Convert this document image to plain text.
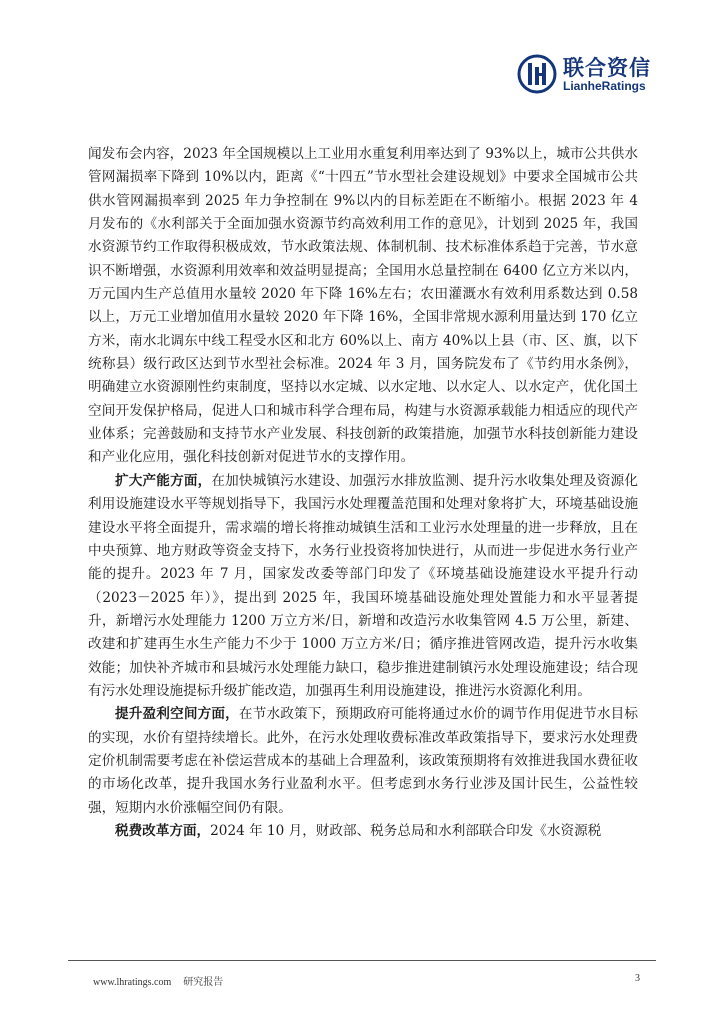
联合资信
LianheRatings

闻发布会内容，2023 年全国规模以上工业用水重复利用率达到了 93%以上，城市公共供水管网漏损率下降到 10%以内，距离《“十四五”节水型社会建设规划》中要求全国城市公共供水管网漏损率到 2025 年力争控制在 9%以内的目标差距在不断缩小。根据 2023 年 4 月发布的《水利部关于全面加强水资源节约高效利用工作的意见》，计划到 2025 年，我国水资源节约工作取得积极成效，节水政策法规、体制机制、技术标准体系趋于完善，节水意识不断增强，水资源利用效率和效益明显提高；全国用水总量控制在 6400 亿立方米以内，万元国内生产总值用水量较 2020 年下降 16%左右；农田灌溉水有效利用系数达到 0.58 以上，万元工业增加值用水量较 2020 年下降 16%，全国非常规水源利用量达到 170 亿立方米，南水北调东中线工程受水区和北方 60%以上、南方 40%以上县（市、区、旗，以下统称县）级行政区达到节水型社会标准。2024 年 3 月，国务院发布了《节约用水条例》，明确建立水资源刚性约束制度，坚持以水定城、以水定地、以水定人、以水定产，优化国土空间开发保护格局，促进人口和城市科学合理布局，构建与水资源承载能力相适应的现代产业体系；完善鼓励和支持节水产业发展、科技创新的政策措施，加强节水科技创新能力建设和产业化应用，强化科技创新对促进节水的支撑作用。

扩大产能方面，在加快城镇污水建设、加强污水排放监测、提升污水收集处理及资源化利用设施建设水平等规划指导下，我国污水处理覆盖范围和处理对象将扩大，环境基础设施建设水平将全面提升，需求端的增长将推动城镇生活和工业污水处理量的进一步释放，且在中央预算、地方财政等资金支持下，水务行业投资将加快进行，从而进一步促进水务行业产能的提升。2023 年 7 月，国家发改委等部门印发了《环境基础设施建设水平提升行动（2023－2025 年）》，提出到 2025 年，我国环境基础设施处理处置能力和水平显著提升，新增污水处理能力 1200 万立方米/日，新增和改造污水收集管网 4.5 万公里，新建、改建和扩建再生水生产能力不少于 1000 万立方米/日；循序推进管网改造，提升污水收集效能；加快补齐城市和县城污水处理能力缺口，稳步推进建制镇污水处理设施建设；结合现有污水处理设施提标升级扩能改造，加强再生利用设施建设，推进污水资源化利用。

提升盈利空间方面，在节水政策下，预期政府可能将通过水价的调节作用促进节水目标的实现，水价有望持续增长。此外，在污水处理收费标准改革政策指导下，要求污水处理费定价机制需要考虑在补偿运营成本的基础上合理盈利，该政策预期将有效推进我国水费征收的市场化改革，提升我国水务行业盈利水平。但考虑到水务行业涉及国计民生，公益性较强，短期内水价涨幅空间仍有限。

税费改革方面，2024 年 10 月，财政部、税务总局和水利部联合印发《水资源税

www.lhratings.com 研究报告	3
